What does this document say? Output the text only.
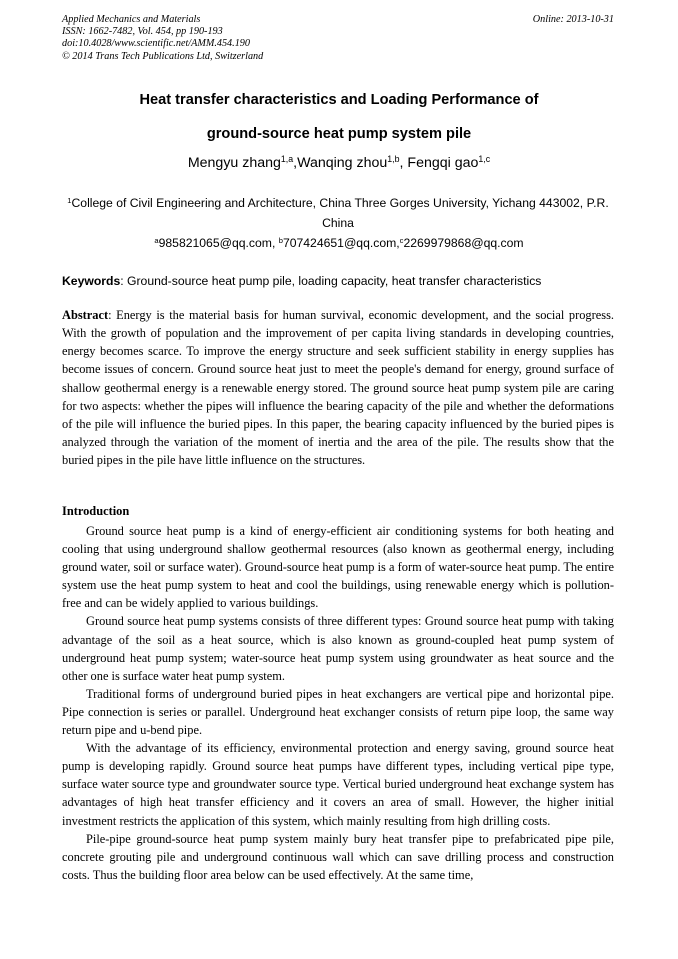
Applied Mechanics and Materials
ISSN: 1662-7482, Vol. 454, pp 190-193
doi:10.4028/www.scientific.net/AMM.454.190
© 2014 Trans Tech Publications Ltd, Switzerland
Online: 2013-10-31
Heat transfer characteristics and Loading Performance of
ground-source heat pump system pile
Mengyu zhang$^{1,a}$,Wanqing zhou$^{1,b}$, Fengqi gao$^{1,c}$
$^1$College of Civil Engineering and Architecture, China Three Gorges University, Yichang 443002, P.R. China
$^a$985821065@qq.com, $^b$707424651@qq.com,$^c$2269979868@qq.com
Keywords: Ground-source heat pump pile, loading capacity, heat transfer characteristics
Abstract: Energy is the material basis for human survival, economic development, and the social progress. With the growth of population and the improvement of per capita living standards in developing countries, energy becomes scarce. To improve the energy structure and seek sufficient stability in energy supplies has become issues of concern. Ground source heat just to meet the people's demand for energy, ground surface of shallow geothermal energy is a renewable energy stored. The ground source heat pump system pile are caring for two aspects: whether the pipes will influence the bearing capacity of the pile and whether the deformations of the pile will influence the buried pipes. In this paper, the bearing capacity influenced by the buried pipes is analyzed through the variation of the moment of inertia and the area of the pile. The results show that the buried pipes in the pile have little influence on the structures.
Introduction

Ground source heat pump is a kind of energy-efficient air conditioning systems for both heating and cooling that using underground shallow geothermal resources (also known as geothermal energy, including ground water, soil or surface water). Ground-source heat pump is a form of water-source heat pump. The entire system use the heat pump system to heat and cool the buildings, using renewable energy which is pollution-free and can be widely applied to various buildings.

Ground source heat pump systems consists of three different types: Ground source heat pump with taking advantage of the soil as a heat source, which is also known as ground-coupled heat pump system of underground heat pump system; water-source heat pump system using groundwater as heat source and the other one is surface water heat pump system.

Traditional forms of underground buried pipes in heat exchangers are vertical pipe and horizontal pipe. Pipe connection is series or parallel. Underground heat exchanger consists of return pipe loop, the same way return pipe and u-bend pipe.

With the advantage of its efficiency, environmental protection and energy saving, ground source heat pump is developing rapidly. Ground source heat pumps have different types, including vertical pipe type, surface water source type and groundwater source type. Vertical buried underground heat exchange system has advantages of high heat transfer efficiency and it covers an area of small. However, the higher initial investment restricts the application of this system, which mainly resulting from high drilling costs.

Pile-pipe ground-source heat pump system mainly bury heat transfer pipe to prefabricated pipe pile, concrete grouting pile and underground continuous wall which can save drilling process and construction costs. Thus the building floor area below can be used effectively. At the same time,
